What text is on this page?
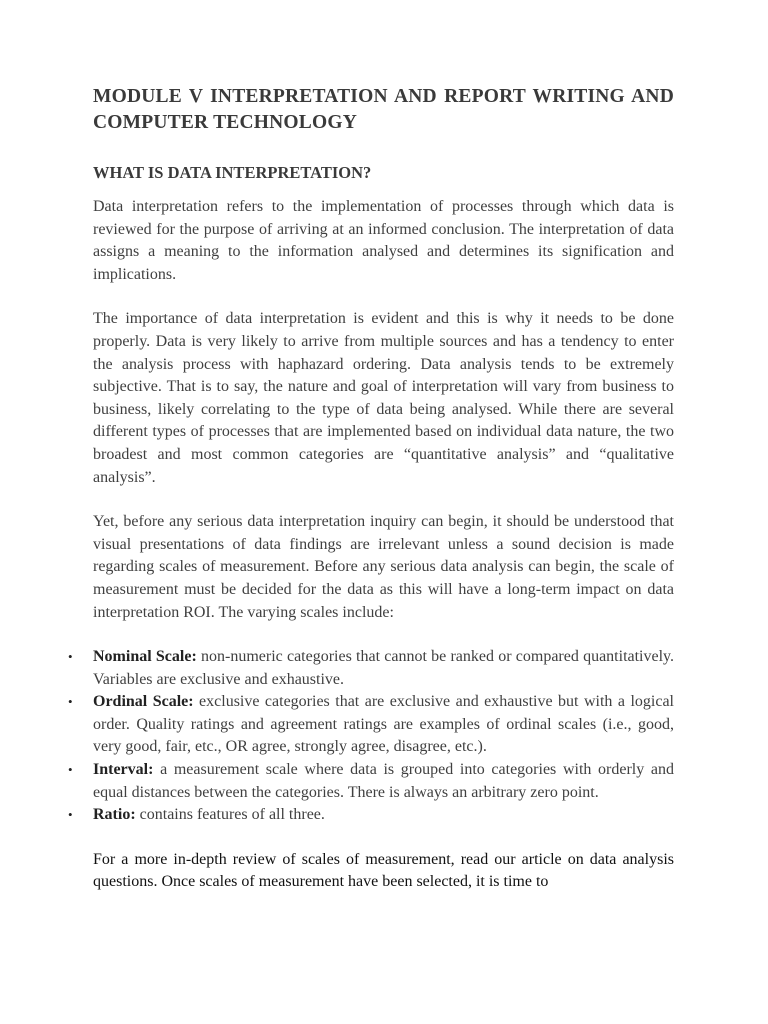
MODULE V INTERPRETATION AND REPORT WRITING AND COMPUTER TECHNOLOGY
WHAT IS DATA INTERPRETATION?

Data interpretation refers to the implementation of processes through which data is reviewed for the purpose of arriving at an informed conclusion. The interpretation of data assigns a meaning to the information analysed and determines its signification and implications.

The importance of data interpretation is evident and this is why it needs to be done properly. Data is very likely to arrive from multiple sources and has a tendency to enter the analysis process with haphazard ordering. Data analysis tends to be extremely subjective. That is to say, the nature and goal of interpretation will vary from business to business, likely correlating to the type of data being analysed. While there are several different types of processes that are implemented based on individual data nature, the two broadest and most common categories are “quantitative analysis” and “qualitative analysis”.

Yet, before any serious data interpretation inquiry can begin, it should be understood that visual presentations of data findings are irrelevant unless a sound decision is made regarding scales of measurement. Before any serious data analysis can begin, the scale of measurement must be decided for the data as this will have a long-term impact on data interpretation ROI. The varying scales include:

• Nominal Scale: non-numeric categories that cannot be ranked or compared quantitatively. Variables are exclusive and exhaustive.
• Ordinal Scale: exclusive categories that are exclusive and exhaustive but with a logical order. Quality ratings and agreement ratings are examples of ordinal scales (i.e., good, very good, fair, etc., OR agree, strongly agree, disagree, etc.).
• Interval: a measurement scale where data is grouped into categories with orderly and equal distances between the categories. There is always an arbitrary zero point.
• Ratio: contains features of all three.

For a more in-depth review of scales of measurement, read our article on data analysis questions. Once scales of measurement have been selected, it is time to
